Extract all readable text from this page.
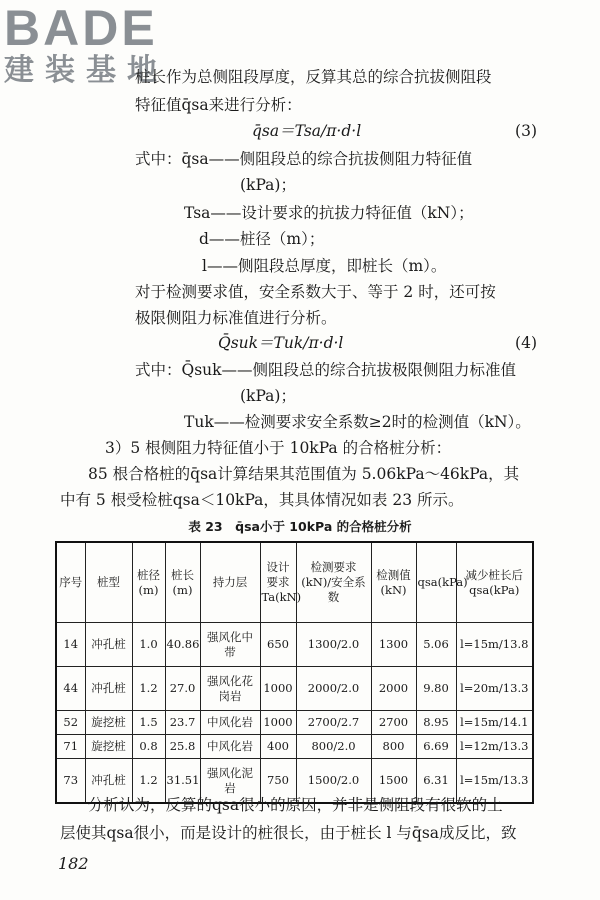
BADE
建装基地
桩长作为总侧阻段厚度，反算其总的综合抗拔侧阻段
特征值q̄sa来进行分析：
q̄sa＝Tsa/π·d·l	(3)
式中：q̄sa——侧阻段总的综合抗拔侧阻力特征值
(kPa)；
Tsa——设计要求的抗拔力特征值（kN）；
d——桩径（m）；
l——侧阻段总厚度，即桩长（m）。
对于检测要求值，安全系数大于、等于 2 时，还可按
极限侧阻力标准值进行分析。
Q̄suk＝Tuk/π·d·l	(4)
式中：Q̄suk——侧阻段总的综合抗拔极限侧阻力标准值
(kPa)；
Tuk——检测要求安全系数≥2时的检测值（kN）。
3）5 根侧阻力特征值小于 10kPa 的合格桩分析：
85 根合格桩的q̄sa计算结果其范围值为 5.06kPa～46kPa，其
中有 5 根受检桩qsa＜10kPa，其具体情况如表 23 所示。
表 23　q̄sa小于 10kPa 的合格桩分析
序号	桩型	桩径(m)	桩长(m)	持力层	设计要求Ta(kN)	检测要求(kN)/安全系数	检测值(kN)	qsa(kPa)	减少桩长后qsa(kPa)
14	冲孔桩	1.0	40.86	强风化中带	650	1300/2.0	1300	5.06	l=15m/13.8
44	冲孔桩	1.2	27.0	强风化花岗岩	1000	2000/2.0	2000	9.80	l=20m/13.3
52	旋挖桩	1.5	23.7	中风化岩	1000	2700/2.7	2700	8.95	l=15m/14.1
71	旋挖桩	0.8	25.8	中风化岩	400	800/2.0	800	6.69	l=12m/13.3
73	冲孔桩	1.2	31.51	强风化泥岩	750	1500/2.0	1500	6.31	l=15m/13.3
分析认为，反算的qsa很小的原因，并非是侧阻段有很软的土
层使其qsa很小，而是设计的桩很长，由于桩长 l 与q̄sa成反比，致
182
